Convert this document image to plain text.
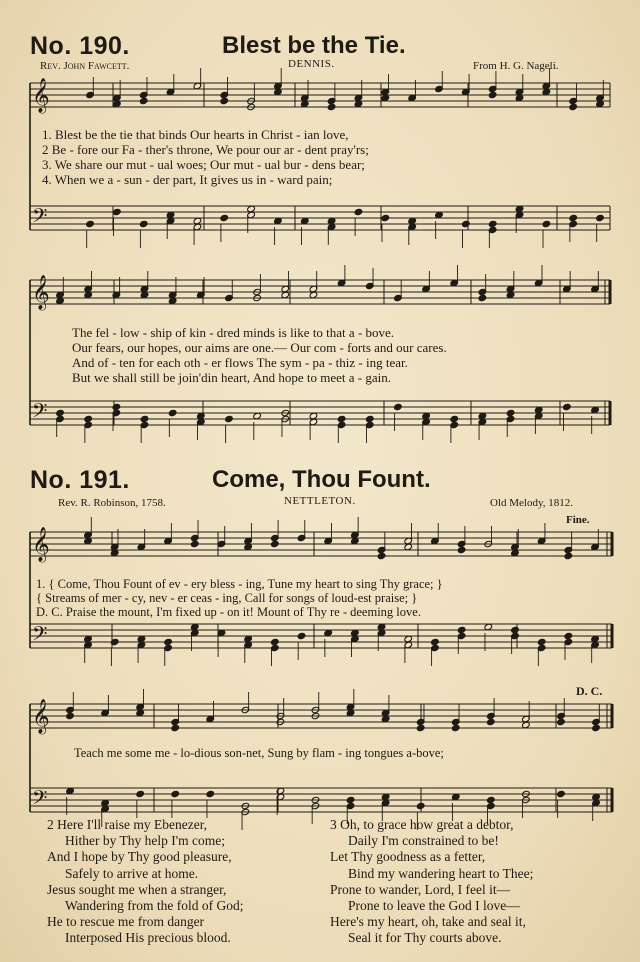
No. 190.	Blest be the Tie.
Rev. John Fawcett.	DENNIS.	From H. G. Nageli.
No. 191.	Come, Thou Fount.
Rev. R. Robinson, 1758.	NETTLETON.	Old Melody, 1812.
Fine.
D. C.
𝄞
𝄢
𝄞
𝄢
𝄞
𝄢
𝄞
𝄢
1. Blest be the tie that binds Our hearts in Christ - ian love,
2 Be - fore our Fa - ther's throne, We pour our ar - dent pray'rs;
3. We share our mut - ual woes; Our mut - ual bur - dens bear;
4. When we a - sun - der part, It gives us in - ward pain;
The fel - low - ship of kin - dred minds is like to that a - bove.
Our fears, our hopes, our aims are one.— Our com - forts and our cares.
And of - ten for each oth - er flows The sym - pa - thiz - ing tear.
But we shall still be join'din heart, And hope to meet a - gain.
1. { Come, Thou Fount of ev - ery bless - ing, Tune my heart to sing Thy grace; }
{ Streams of mer - cy, nev - er ceas - ing, Call for songs of loud-est praise; }
D. C. Praise the mount, I'm fixed up - on it! Mount of Thy re - deeming love.
Teach me some me - lo-dious son-net, Sung by flam - ing tongues a-bove;
2 Here I'll raise my Ebenezer,
Hither by Thy help I'm come;
And I hope by Thy good pleasure,
Safely to arrive at home.
Jesus sought me when a stranger,
Wandering from the fold of God;
He to rescue me from danger
Interposed His precious blood.
3 Oh, to grace how great a debtor,
Daily I'm constrained to be!
Let Thy goodness as a fetter,
Bind my wandering heart to Thee;
Prone to wander, Lord, I feel it—
Prone to leave the God I love—
Here's my heart, oh, take and seal it,
Seal it for Thy courts above.
